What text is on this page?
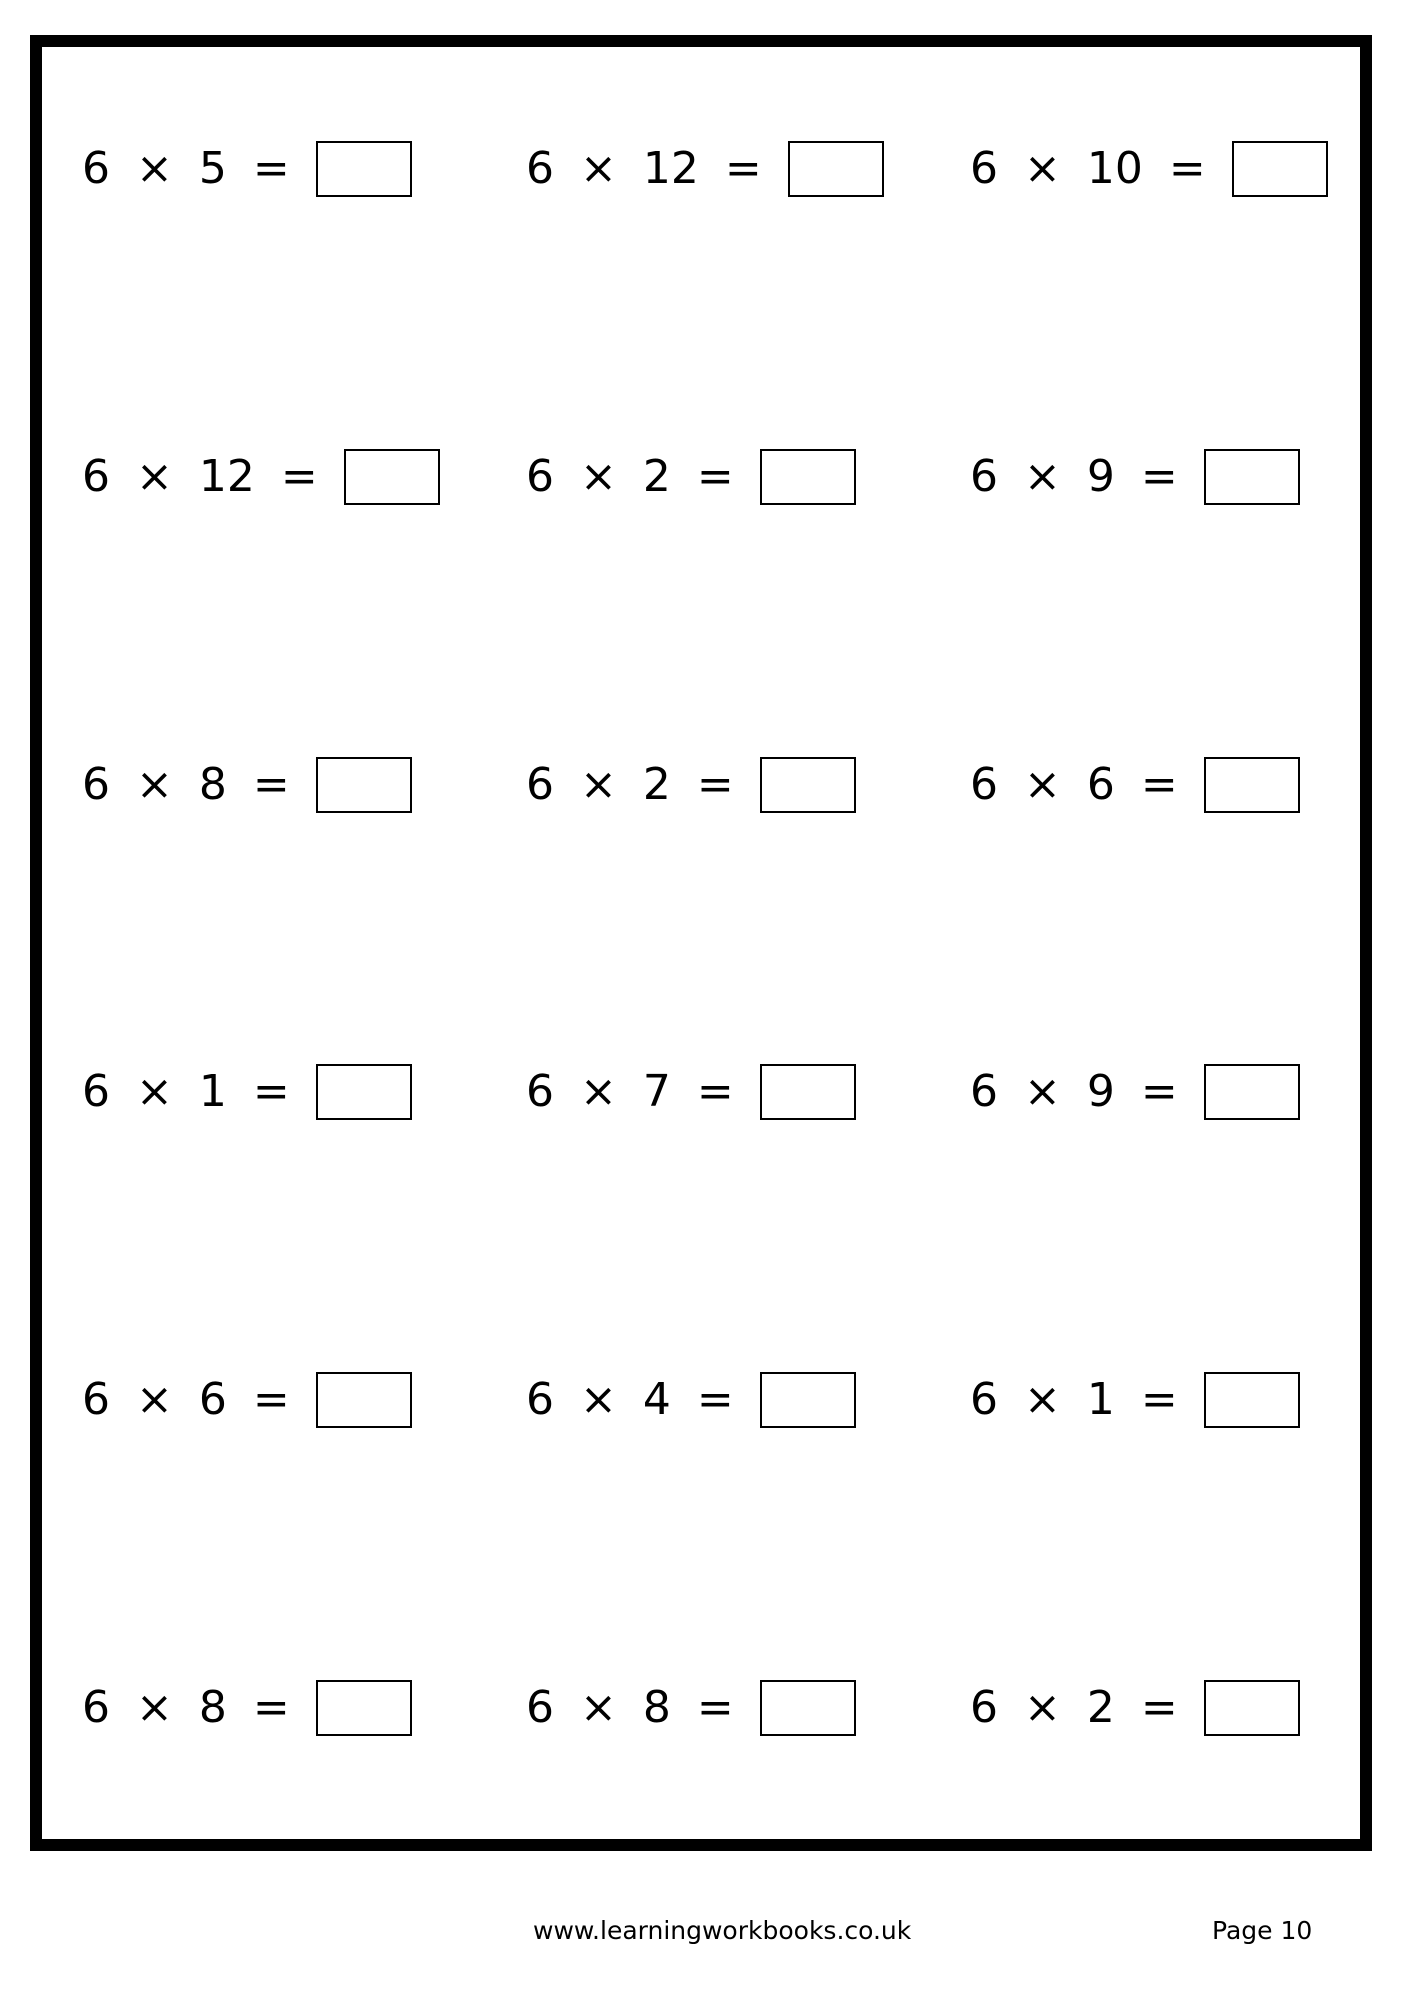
6 × 5 =	6 × 12 =	6 × 10 =
6 × 12 =	6 × 2 =	6 × 9 =
6 × 8 =	6 × 2 =	6 × 6 =
6 × 1 =	6 × 7 =	6 × 9 =
6 × 6 =	6 × 4 =	6 × 1 =
6 × 8 =	6 × 8 =	6 × 2 =
www.learningworkbooks.co.uk	Page 10
